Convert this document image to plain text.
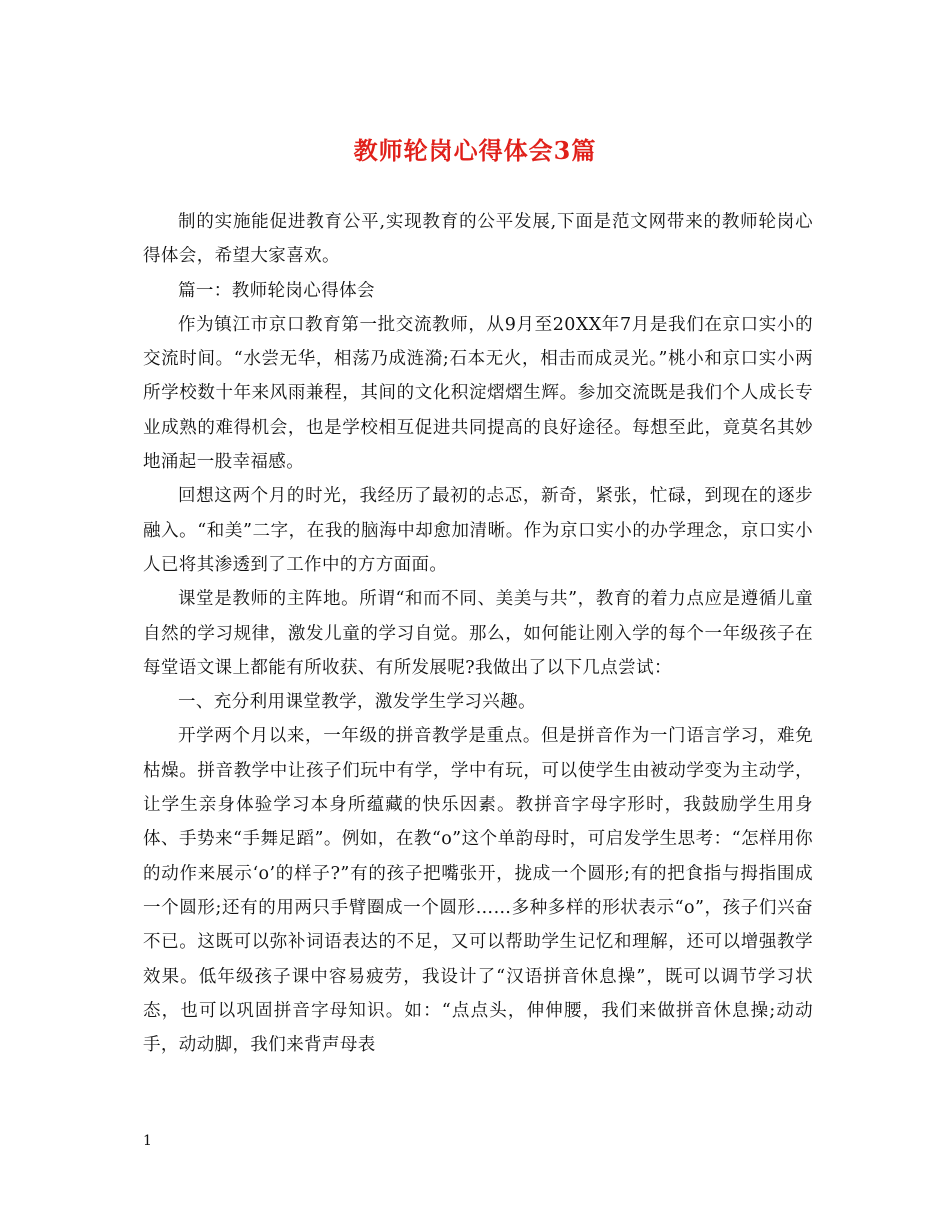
教师轮岗心得体会3篇

制的实施能促进教育公平,实现教育的公平发展,下面是范文网带来的教师轮岗心得体会，希望大家喜欢。

篇一：教师轮岗心得体会

作为镇江市京口教育第一批交流教师，从9月至20XX年7月是我们在京口实小的交流时间。“水尝无华，相荡乃成涟漪;石本无火，相击而成灵光。”桃小和京口实小两所学校数十年来风雨兼程，其间的文化积淀熠熠生辉。参加交流既是我们个人成长专业成熟的难得机会，也是学校相互促进共同提高的良好途径。每想至此，竟莫名其妙地涌起一股幸福感。

回想这两个月的时光，我经历了最初的忐忑，新奇，紧张，忙碌，到现在的逐步融入。“和美”二字，在我的脑海中却愈加清晰。作为京口实小的办学理念，京口实小人已将其渗透到了工作中的方方面面。

课堂是教师的主阵地。所谓“和而不同、美美与共”，教育的着力点应是遵循儿童自然的学习规律，激发儿童的学习自觉。那么，如何能让刚入学的每个一年级孩子在每堂语文课上都能有所收获、有所发展呢?我做出了以下几点尝试：

一、充分利用课堂教学，激发学生学习兴趣。

开学两个月以来，一年级的拼音教学是重点。但是拼音作为一门语言学习，难免枯燥。拼音教学中让孩子们玩中有学，学中有玩，可以使学生由被动学变为主动学，让学生亲身体验学习本身所蕴藏的快乐因素。教拼音字母字形时，我鼓励学生用身体、手势来“手舞足蹈”。例如，在教“o”这个单韵母时，可启发学生思考：“怎样用你的动作来展示‘o’的样子?”有的孩子把嘴张开，拢成一个圆形;有的把食指与拇指围成一个圆形;还有的用两只手臂圈成一个圆形……多种多样的形状表示“o”，孩子们兴奋不已。这既可以弥补词语表达的不足，又可以帮助学生记忆和理解，还可以增强教学效果。低年级孩子课中容易疲劳，我设计了“汉语拼音休息操”，既可以调节学习状态，也可以巩固拼音字母知识。如：“点点头，伸伸腰，我们来做拼音休息操;动动手，动动脚，我们来背声母表

1
